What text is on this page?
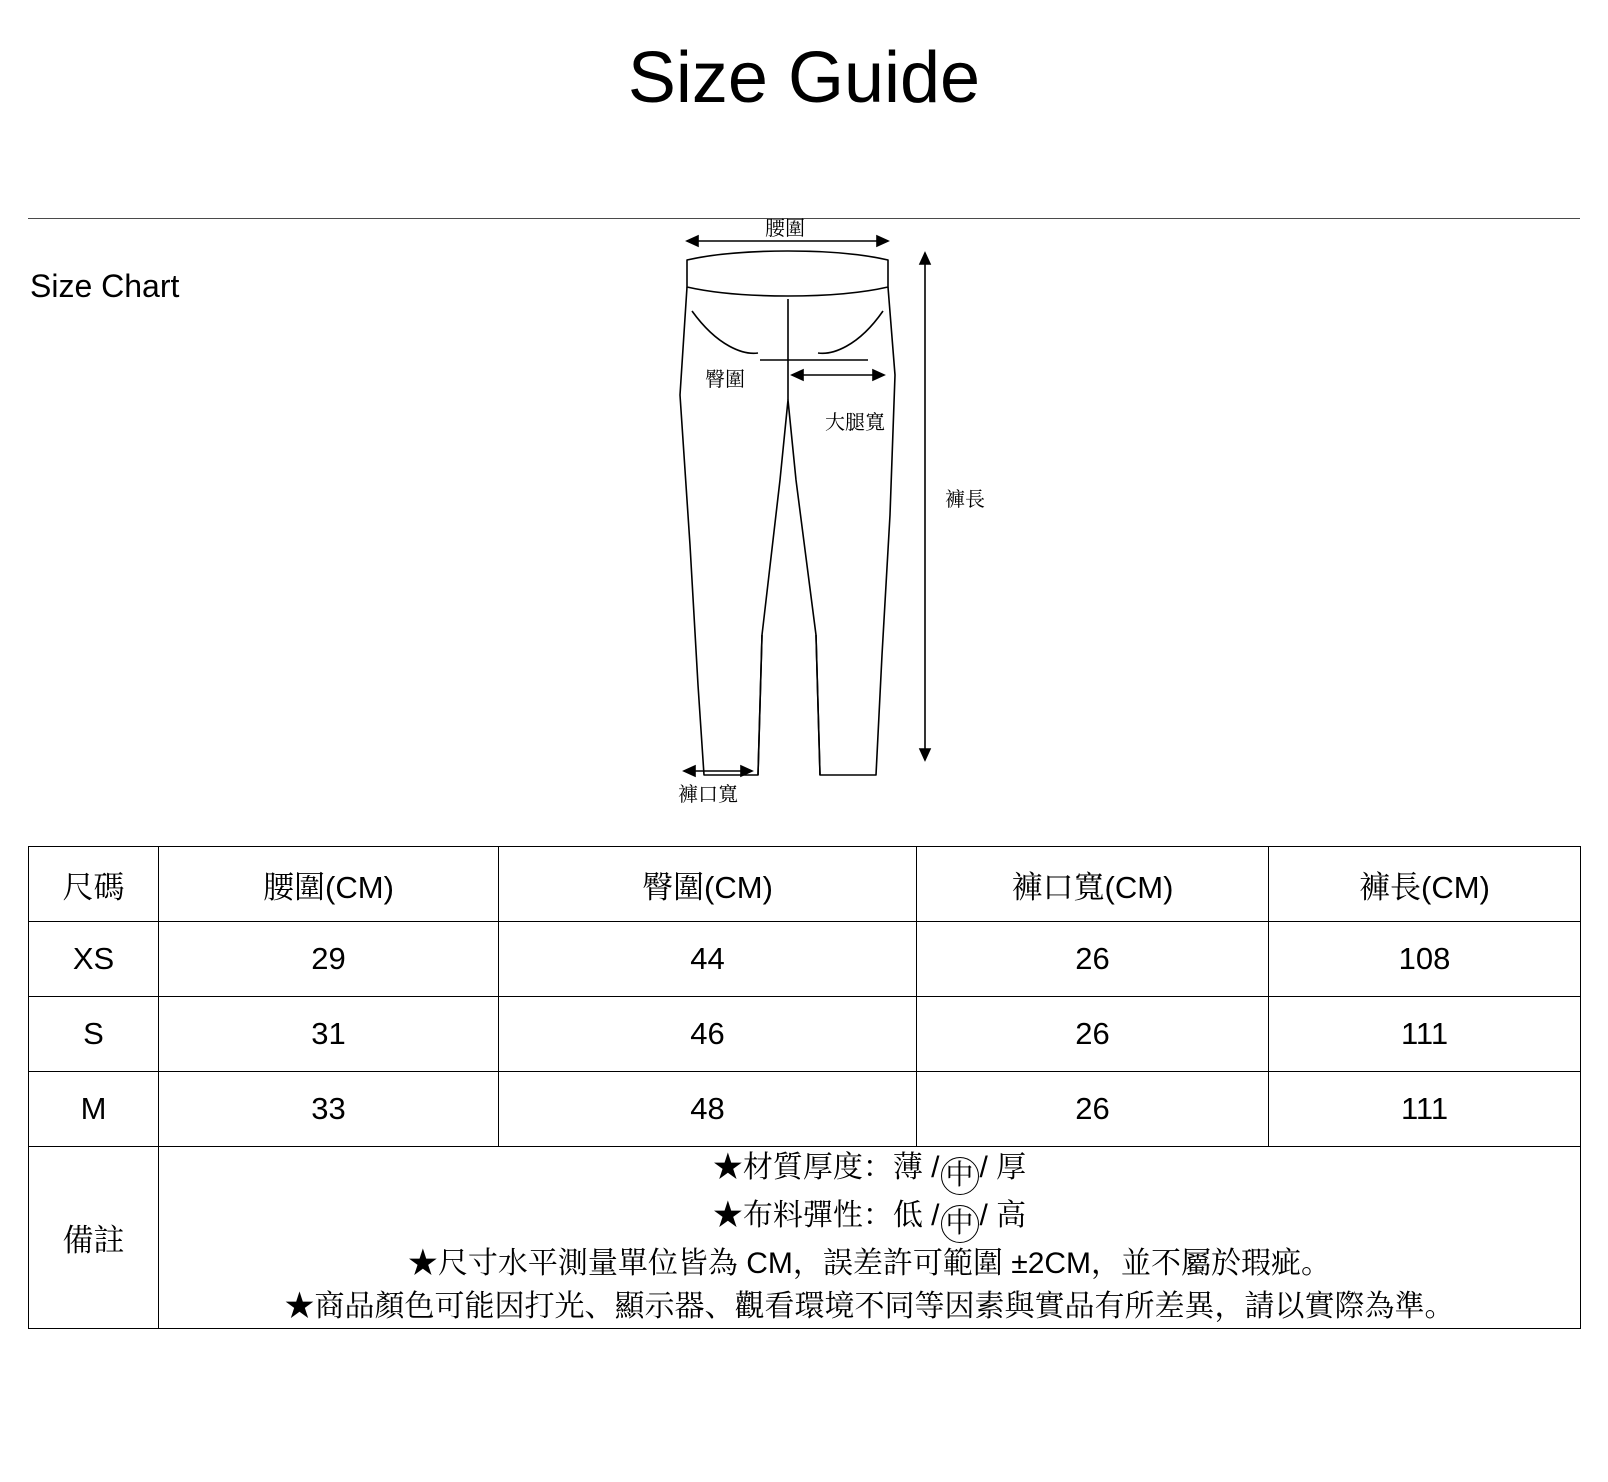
Size Guide
Size Chart
腰圍
臀圍
大腿寬
褲長
褲口寬
尺碼	腰圍(CM)	臀圍(CM)	褲口寬(CM)	褲長(CM)
XS	29	44	26	108
S	31	46	26	111
M	33	48	26	111
備註	★材質厚度：薄 / 中 / 厚
★布料彈性：低 / 中 / 高
★尺寸水平測量單位皆為 CM，誤差許可範圍 ±2CM，並不屬於瑕疵。
★商品顏色可能因打光、顯示器、觀看環境不同等因素與實品有所差異，請以實際為準。			
